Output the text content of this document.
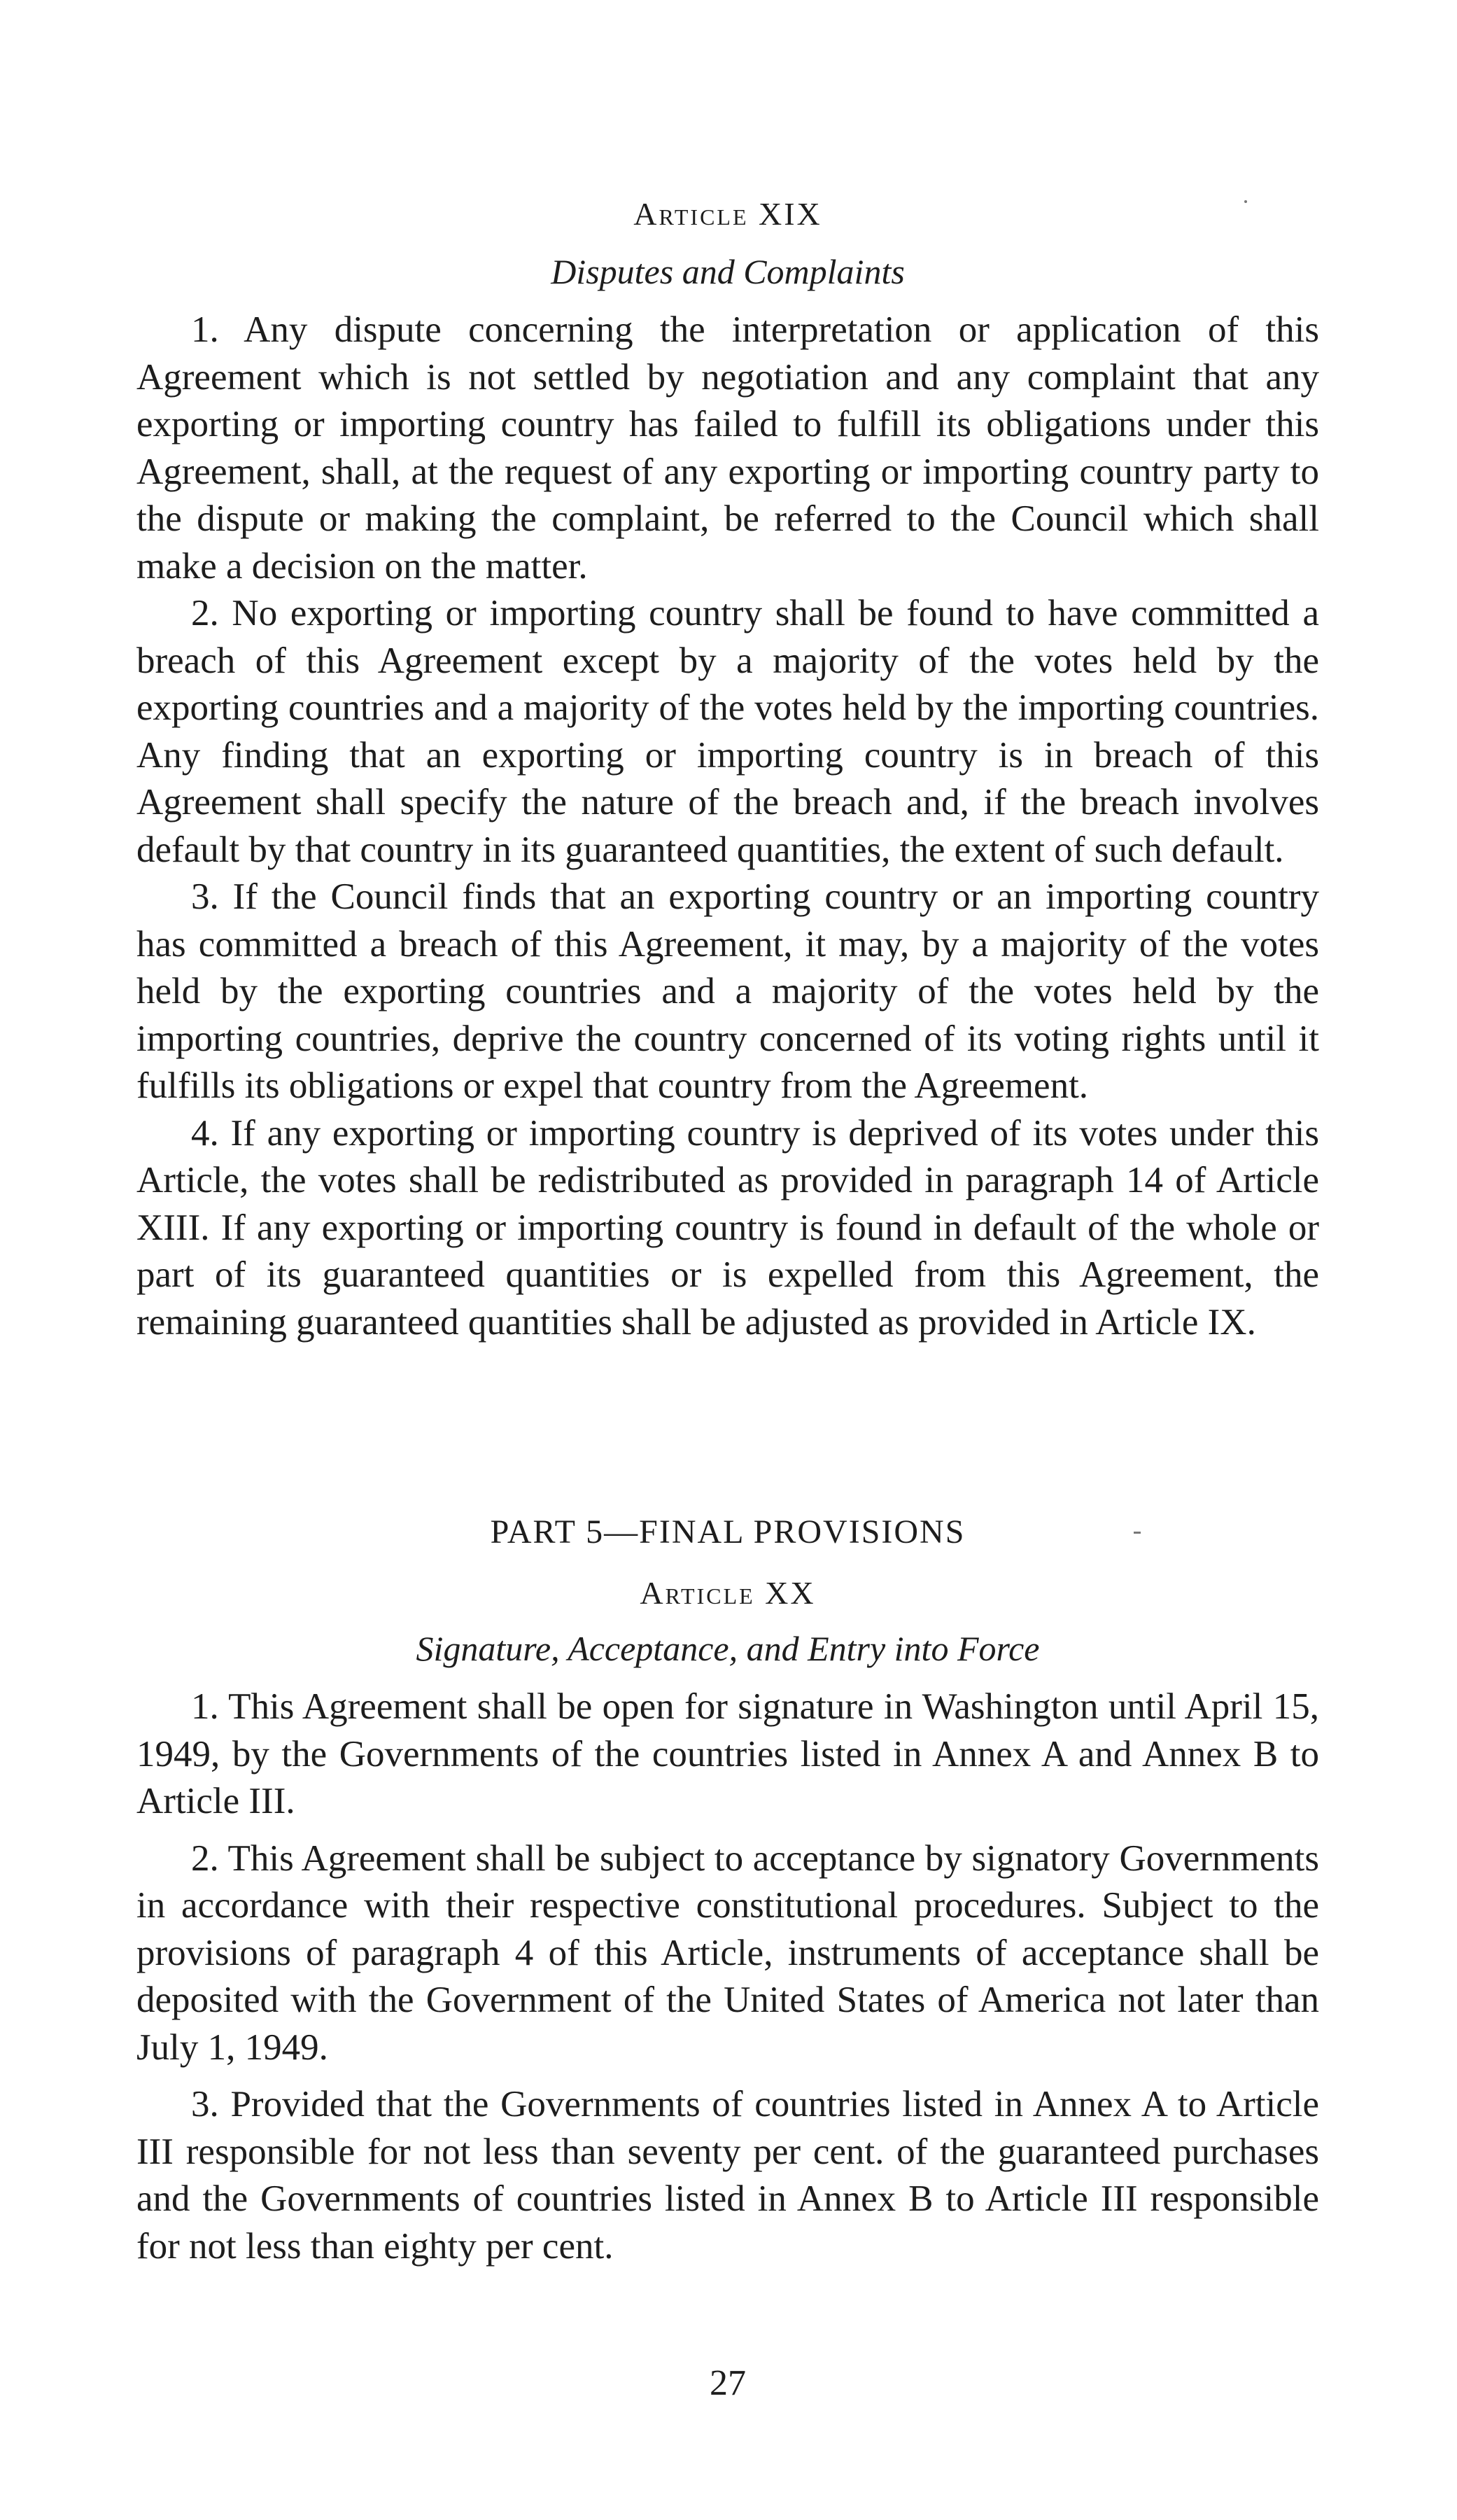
Article XIX
Disputes and Complaints

1. Any dispute concerning the interpretation or application of this Agreement which is not settled by negotiation and any complaint that any exporting or importing country has failed to fulfill its obligations under this Agreement, shall, at the request of any exporting or importing country party to the dispute or making the complaint, be referred to the Council which shall make a decision on the matter.

2. No exporting or importing country shall be found to have committed a breach of this Agreement except by a majority of the votes held by the exporting countries and a majority of the votes held by the importing countries. Any finding that an exporting or importing country is in breach of this Agreement shall specify the nature of the breach and, if the breach involves default by that country in its guaranteed quantities, the extent of such default.

3. If the Council finds that an exporting country or an importing country has committed a breach of this Agreement, it may, by a majority of the votes held by the exporting countries and a majority of the votes held by the importing countries, deprive the country concerned of its voting rights until it fulfills its obligations or expel that country from the Agreement.

4. If any exporting or importing country is deprived of its votes under this Article, the votes shall be redistributed as provided in paragraph 14 of Article XIII. If any exporting or importing country is found in default of the whole or part of its guaranteed quantities or is expelled from this Agreement, the remaining guaranteed quantities shall be adjusted as provided in Article IX.

PART 5—FINAL PROVISIONS
Article XX
Signature, Acceptance, and Entry into Force

1. This Agreement shall be open for signature in Washington until April 15, 1949, by the Governments of the countries listed in Annex A and Annex B to Article III.

2. This Agreement shall be subject to acceptance by signatory Governments in accordance with their respective constitutional procedures. Subject to the provisions of paragraph 4 of this Article, instruments of acceptance shall be deposited with the Government of the United States of America not later than July 1, 1949.

3. Provided that the Governments of countries listed in Annex A to Article III responsible for not less than seventy per cent. of the guaranteed purchases and the Governments of countries listed in Annex B to Article III responsible for not less than eighty per cent.

27
